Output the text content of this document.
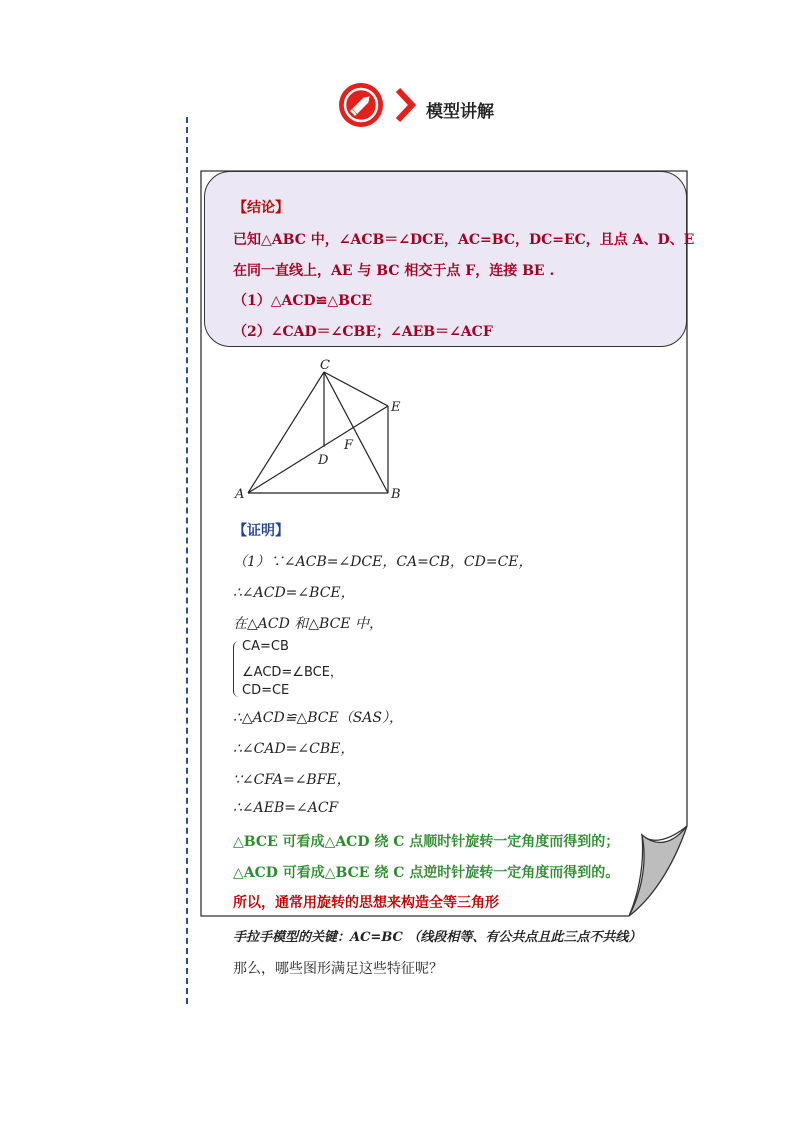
模型讲解
【结论】
已知△ABC 中，∠ACB＝∠DCE，AC=BC，DC=EC，且点 A、D、E
在同一直线上，AE 与 BC 相交于点 F，连接 BE .
（1）△ACD≌△BCE
（2）∠CAD＝∠CBE；∠AEB＝∠ACF
C
E
D
F
A	B
【证明】
（1）∵∠ACB=∠DCE，CA=CB，CD=CE，
∴∠ACD=∠BCE，
在△ACD 和△BCE 中，
CA=CB
∠ACD=∠BCE，
CD=CE
∴△ACD≌△BCE（SAS），
∴∠CAD=∠CBE，
∵∠CFA=∠BFE，
∴∠AEB=∠ACF
△BCE 可看成△ACD 绕 C 点顺时针旋转一定角度而得到的；
△ACD 可看成△BCE 绕 C 点逆时针旋转一定角度而得到的。
所以，通常用旋转的思想来构造全等三角形
手拉手模型的关键：AC=BC （线段相等、有公共点且此三点不共线）
那么，哪些图形满足这些特征呢？
